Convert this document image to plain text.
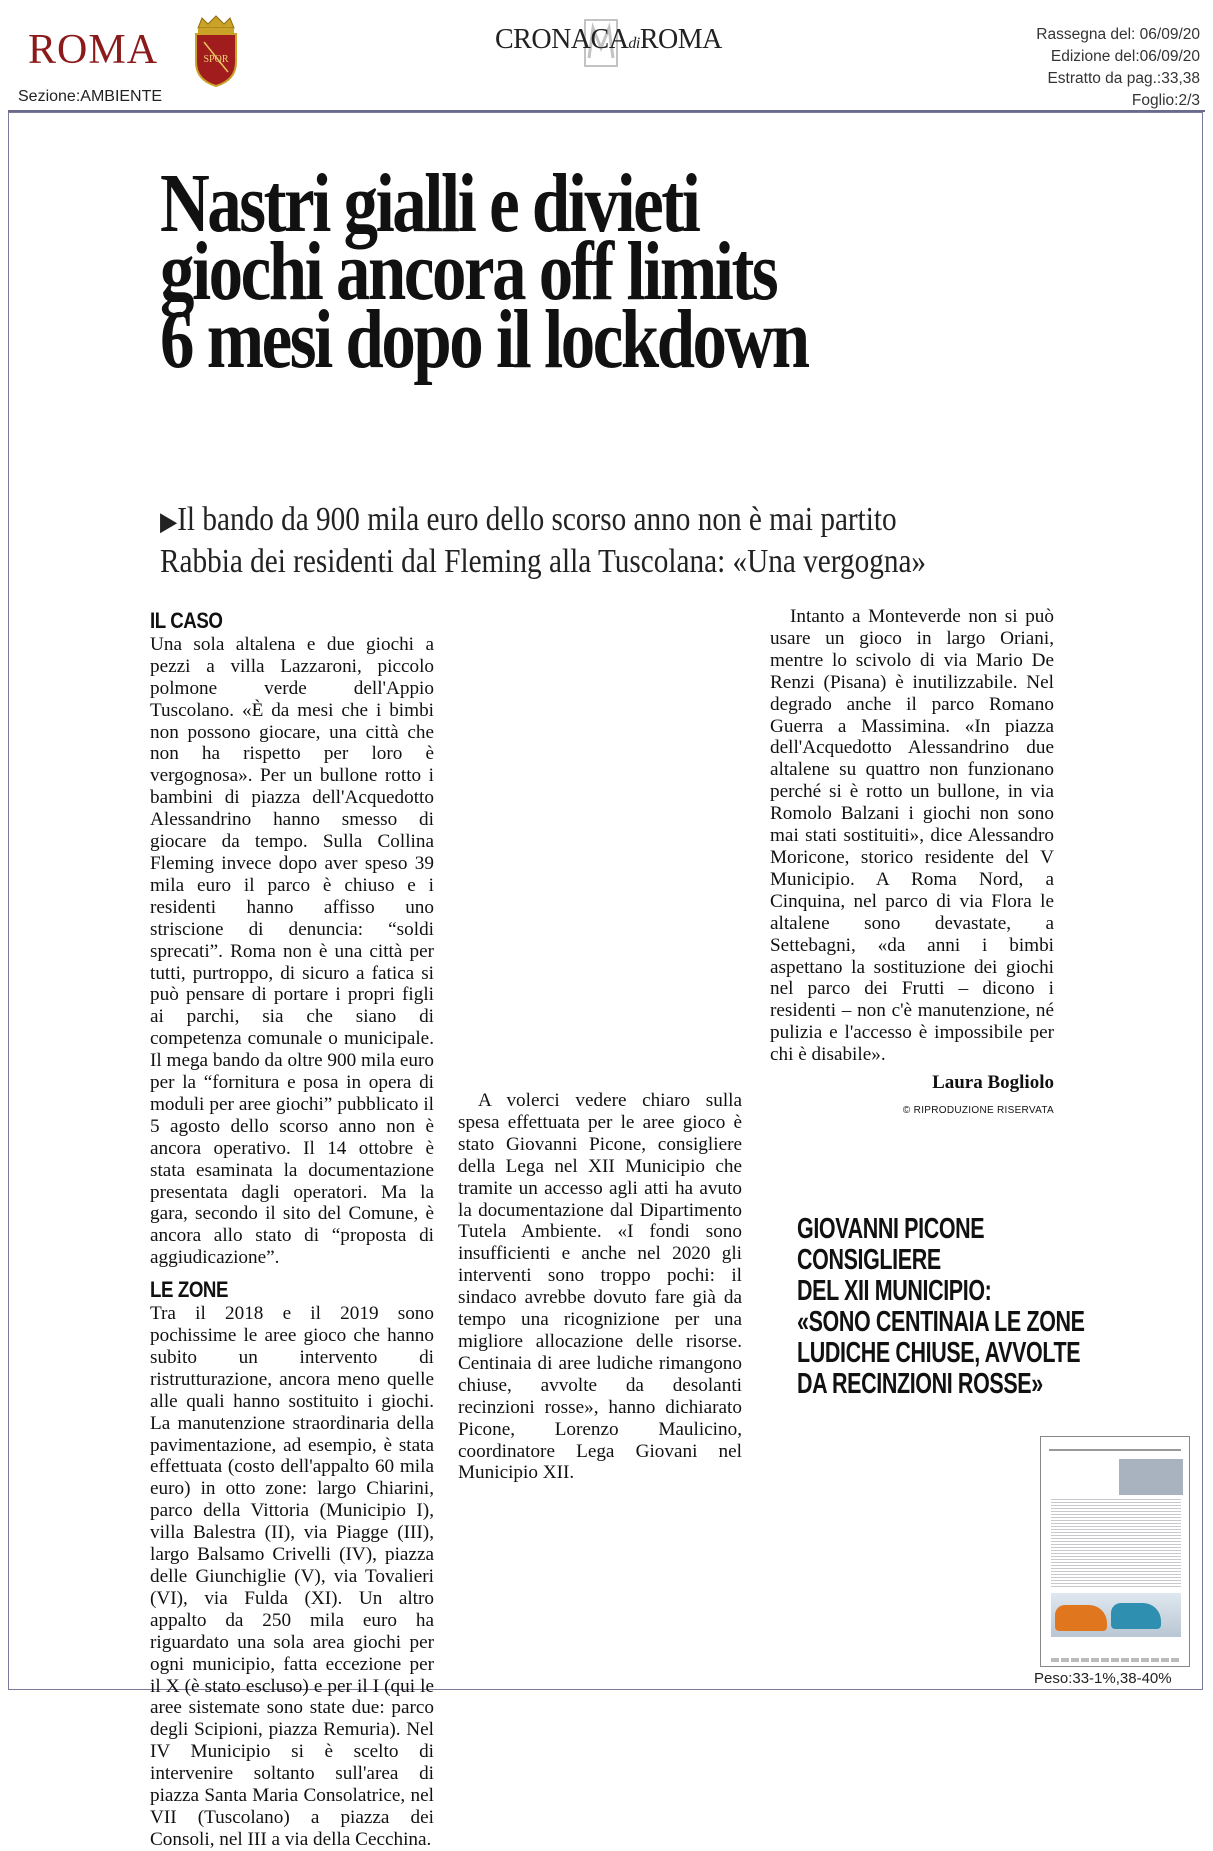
ROMA	SPQR
Sezione:AMBIENTE
CRONACAdiROMA	Rassegna del: 06/09/20
Edizione del:06/09/20
Estratto da pag.:33,38
Foglio:2/3
Nastri gialli e divieti
giochi ancora off limits
6 mesi dopo il lockdown
▶Il bando da 900 mila euro dello scorso anno non è mai partito
Rabbia dei residenti dal Fleming alla Tuscolana: «Una vergogna»
IL CASO

Una sola altalena e due giochi a pezzi a villa Lazzaroni, piccolo polmone verde dell'Appio Tuscolano. «È da mesi che i bimbi non possono giocare, una città che non ha rispetto per loro è vergognosa». Per un bullone rotto i bambini di piazza dell'Acquedotto Alessandrino hanno smesso di giocare da tempo. Sulla Collina Fleming invece dopo aver speso 39 mila euro il parco è chiuso e i residenti hanno affisso uno striscione di denuncia: “soldi sprecati”. Roma non è una città per tutti, purtroppo, di sicuro a fatica si può pensare di portare i propri figli ai parchi, sia che siano di competenza comunale o municipale. Il mega bando da oltre 900 mila euro per la “fornitura e posa in opera di moduli per aree giochi” pubblicato il 5 agosto dello scorso anno non è ancora operativo. Il 14 ottobre è stata esaminata la documentazione presentata dagli operatori. Ma la gara, secondo il sito del Comune, è ancora allo stato di “proposta di aggiudicazione”.

LE ZONE

Tra il 2018 e il 2019 sono pochissime le aree gioco che hanno subito un intervento di ristrutturazione, ancora meno quelle alle quali hanno sostituito i giochi. La manutenzione straordinaria della pavimentazione, ad esempio, è stata effettuata (costo dell'appalto 60 mila euro) in otto zone: largo Chiarini, parco della Vittoria (Municipio I), villa Balestra (II), via Piagge (III), largo Balsamo Crivelli (IV), piazza delle Giunchiglie (V), via Tovalieri (VI), via Fulda (XI). Un altro appalto da 250 mila euro ha riguardato una sola area giochi per ogni municipio, fatta eccezione per il X (è stato escluso) e per il I (qui le aree sistemate sono state due: parco degli Scipioni, piazza Remuria). Nel IV Municipio si è scelto di intervenire soltanto sull'area di piazza Santa Maria Consolatrice, nel VII (Tuscolano) a piazza dei Consoli, nel III a via della Cecchina.

A volerci vedere chiaro sulla spesa effettuata per le aree gioco è stato Giovanni Picone, consigliere della Lega nel XII Municipio che tramite un accesso agli atti ha avuto la documentazione dal Dipartimento Tutela Ambiente. «I fondi sono insufficienti e anche nel 2020 gli interventi sono troppo pochi: il sindaco avrebbe dovuto fare già da tempo una ricognizione per una migliore allocazione delle risorse. Centinaia di aree ludiche rimangono chiuse, avvolte da desolanti recinzioni rosse», hanno dichiarato Picone, Lorenzo Maulicino, coordinatore Lega Giovani nel Municipio XII.

Intanto a Monteverde non si può usare un gioco in largo Oriani, mentre lo scivolo di via Mario De Renzi (Pisana) è inutilizzabile. Nel degrado anche il parco Romano Guerra a Massimina. «In piazza dell'Acquedotto Alessandrino due altalene su quattro non funzionano perché si è rotto un bullone, in via Romolo Balzani i giochi non sono mai stati sostituiti», dice Alessandro Moricone, storico residente del V Municipio. A Roma Nord, a Cinquina, nel parco di via Flora le altalene sono devastate, a Settebagni, «da anni i bimbi aspettano la sostituzione dei giochi nel parco dei Frutti – dicono i residenti – non c'è manutenzione, né pulizia e l'accesso è impossibile per chi è disabile».

Laura Bogliolo
© RIPRODUZIONE RISERVATA
GIOVANNI PICONE
CONSIGLIERE
DEL XII MUNICIPIO:
«SONO CENTINAIA LE ZONE
LUDICHE CHIUSE, AVVOLTE
DA RECINZIONI ROSSE»
Peso:33-1%,38-40%
